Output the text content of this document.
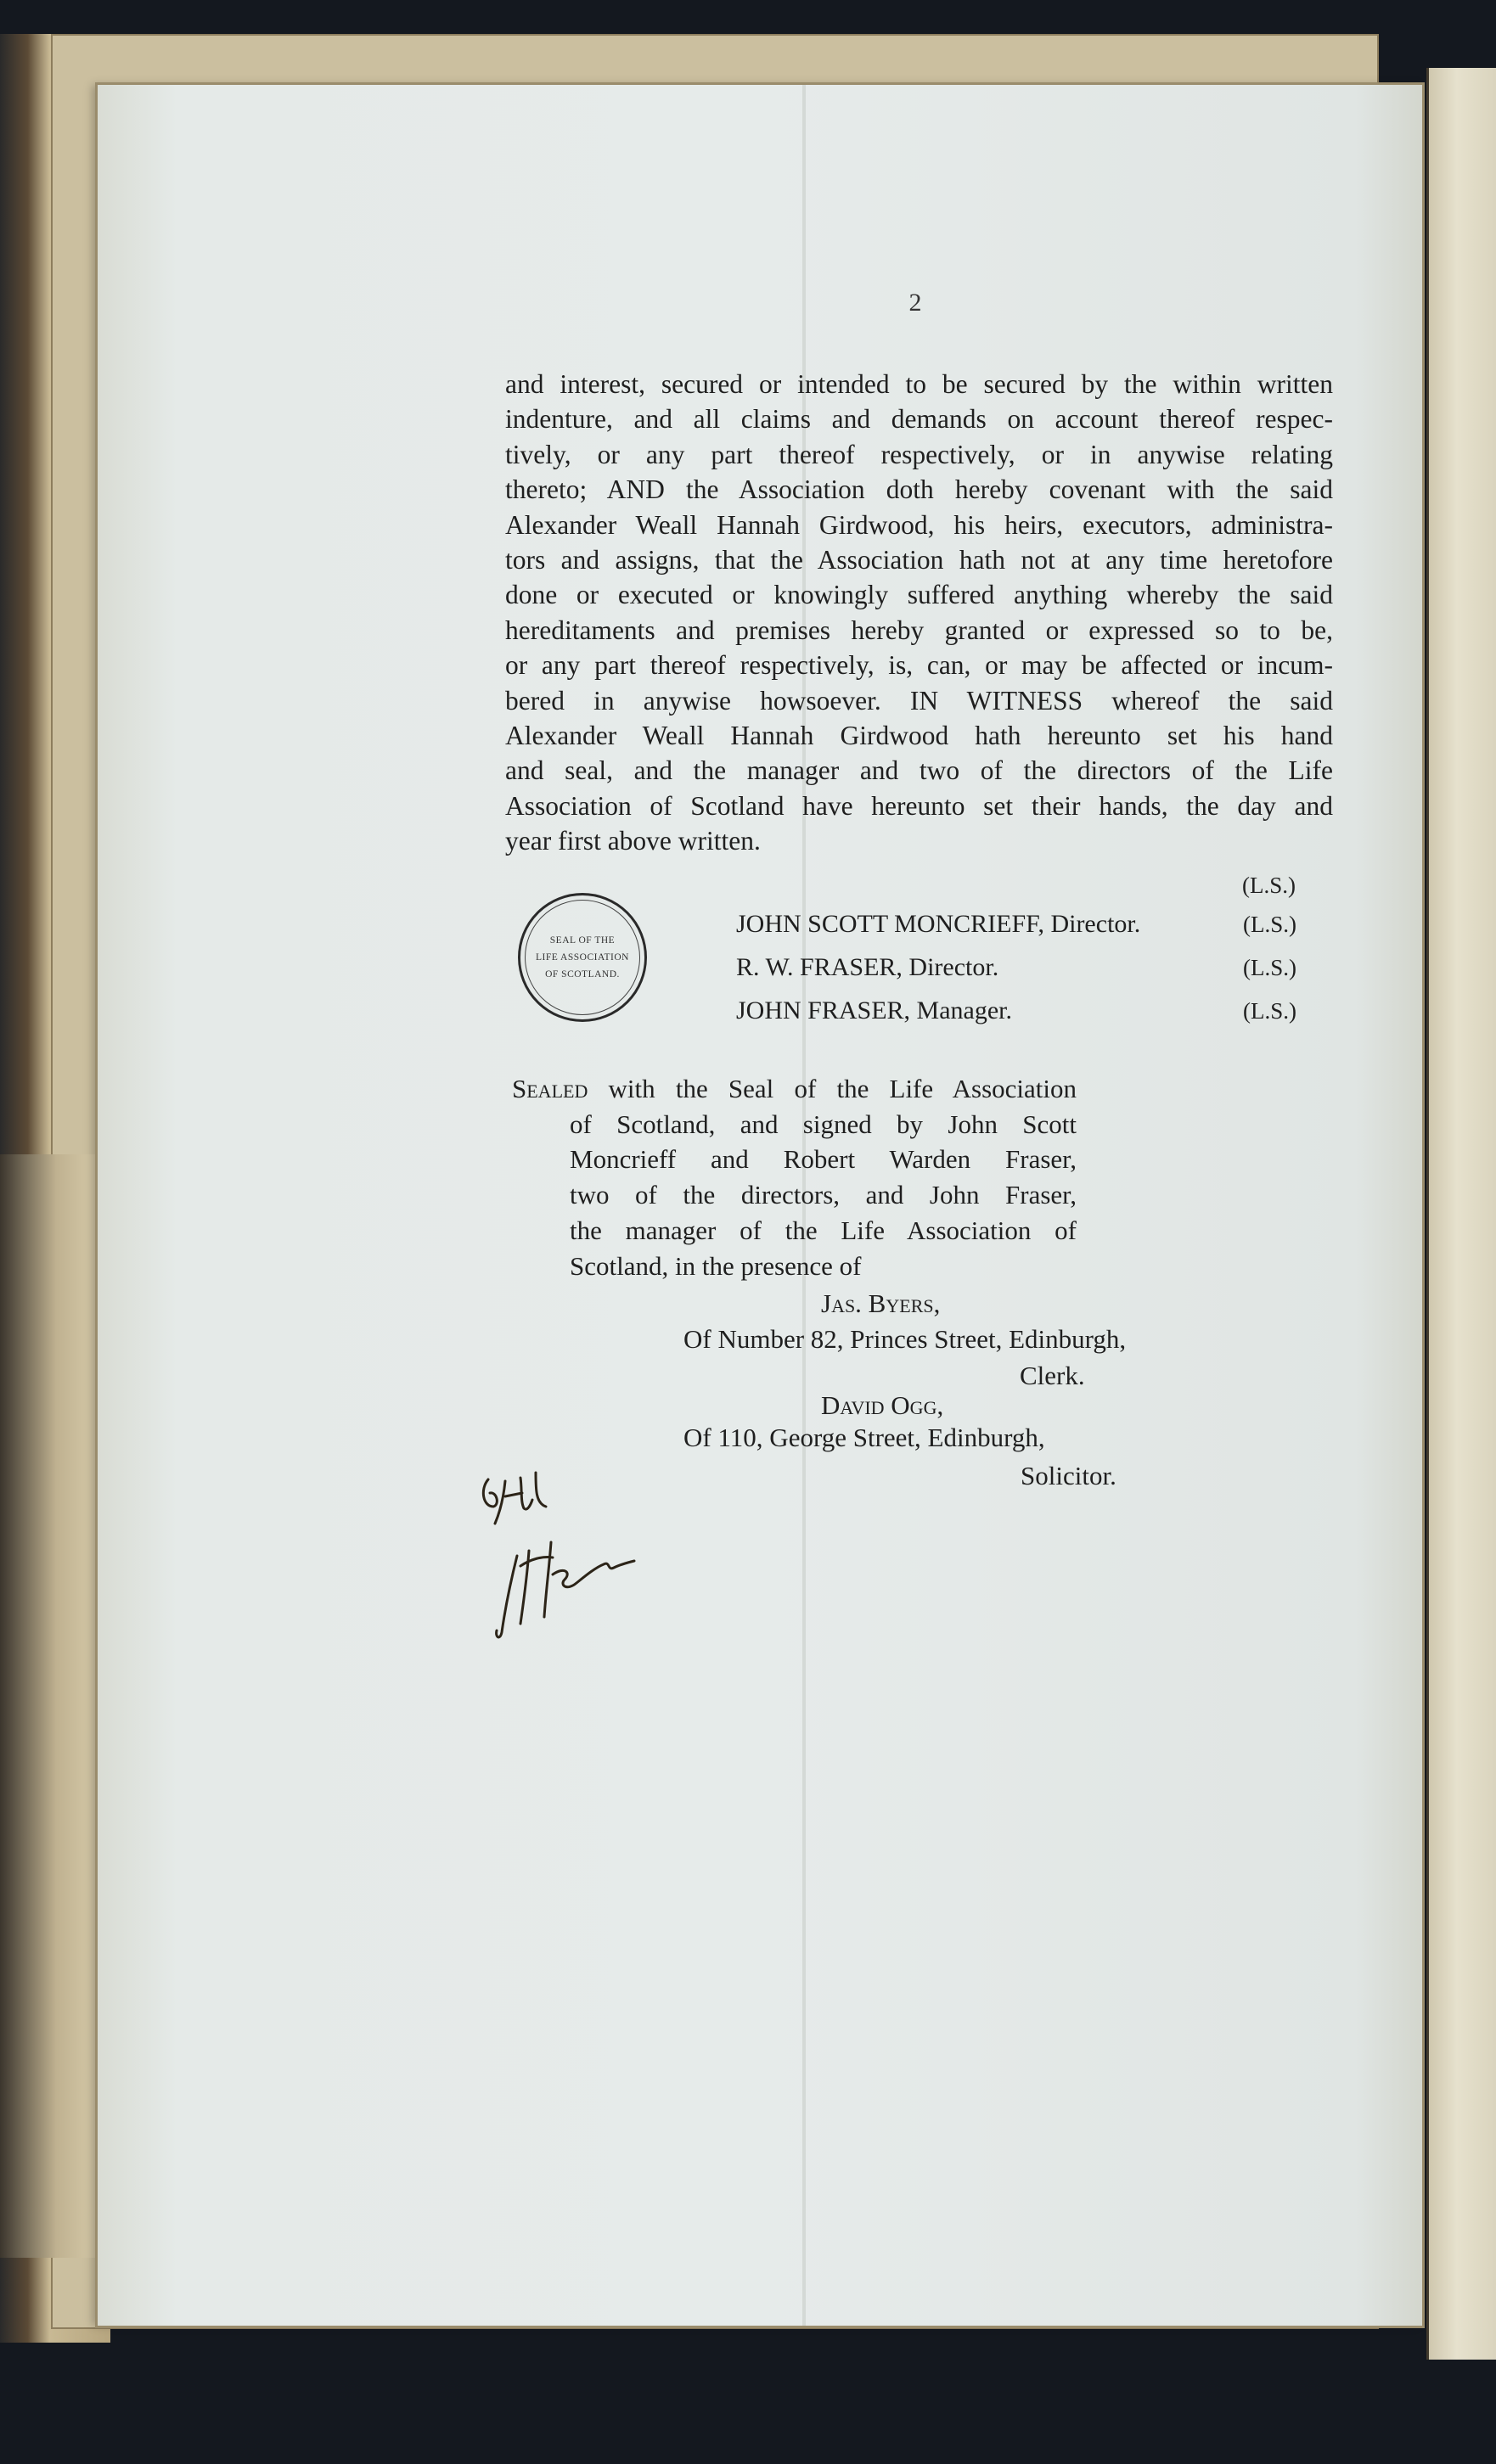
2
and interest, secured or intended to be secured by the within written
indenture, and all claims and demands on account thereof respec-
tively, or any part thereof respectively, or in anywise relating
thereto; AND the Association doth hereby covenant with the said
Alexander Weall Hannah Girdwood, his heirs, executors, administra-
tors and assigns, that the Association hath not at any time heretofore
done or executed or knowingly suffered anything whereby the said
hereditaments and premises hereby granted or expressed so to be,
or any part thereof respectively, is, can, or may be affected or incum-
bered in anywise howsoever. IN WITNESS whereof the said
Alexander Weall Hannah Girdwood hath hereunto set his hand
and seal, and the manager and two of the directors of the Life
Association of Scotland have hereunto set their hands, the day and
year first above written.
(L.S.)
SEAL OF THE
LIFE ASSOCIATION
OF SCOTLAND.
JOHN SCOTT MONCRIEFF, Director.	(L.S.)
R. W. FRASER, Director.	(L.S.)
JOHN FRASER, Manager.	(L.S.)
Sealed with the Seal of the Life Association
of Scotland, and signed by John Scott
Moncrieff and Robert Warden Fraser,
two of the directors, and John Fraser,
the manager of the Life Association of
Scotland, in the presence of
Jas. Byers,
Of Number 82, Princes Street, Edinburgh,
Clerk.
David Ogg,
Of 110, George Street, Edinburgh,
Solicitor.
